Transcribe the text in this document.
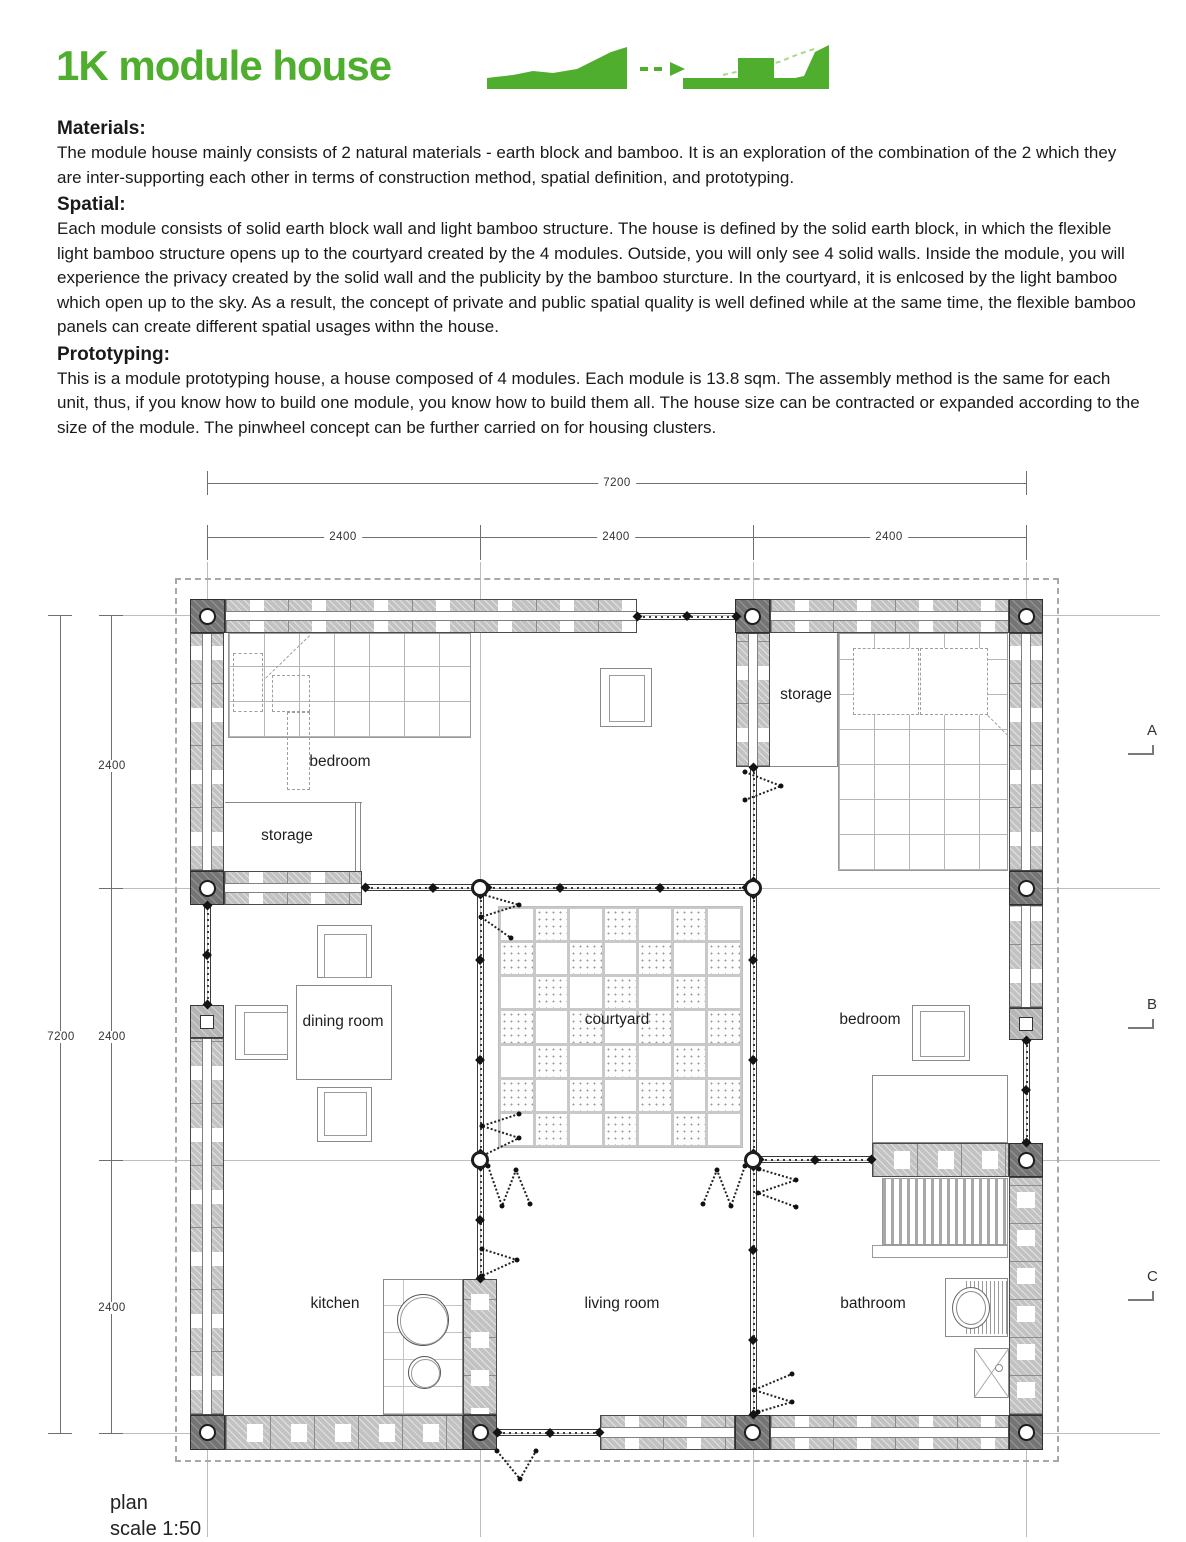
1K module house
Materials:

The module house mainly consists of 2 natural materials - earth block and bamboo. It is an exploration of the combination of the 2 which they are inter-supporting each other in terms of construction method, spatial definition, and prototyping.

Spatial:

Each module consists of solid earth block wall and light bamboo structure. The house is defined by the solid earth block, in which the flexible light bamboo structure opens up to the courtyard created by the 4 modules. Outside, you will only see 4 solid walls. Inside the module, you will experience the privacy created by the solid wall and the publicity by the bamboo sturcture. In the courtyard, it is enlcosed by the light bamboo which open up to the sky. As a result, the concept of private and public spatial quality is well defined while at the same time, the flexible bamboo panels can create different spatial usages withn the house.

Prototyping:

This is a module prototyping house, a house composed of 4 modules. Each module is 13.8 sqm. The assembly method is the same for each unit, thus, if you know how to build one module, you know how to build them all. The house size can be contracted or expanded according to the size of the module. The pinwheel concept can be further carried on for housing clusters.

bedroom
storage
storage
dining room	courtyard	bedroom
kitchen	living room	bathroom
7200
2400	2400	2400
7200
2400
2400
2400
A
B
C
plan
scale 1:50
